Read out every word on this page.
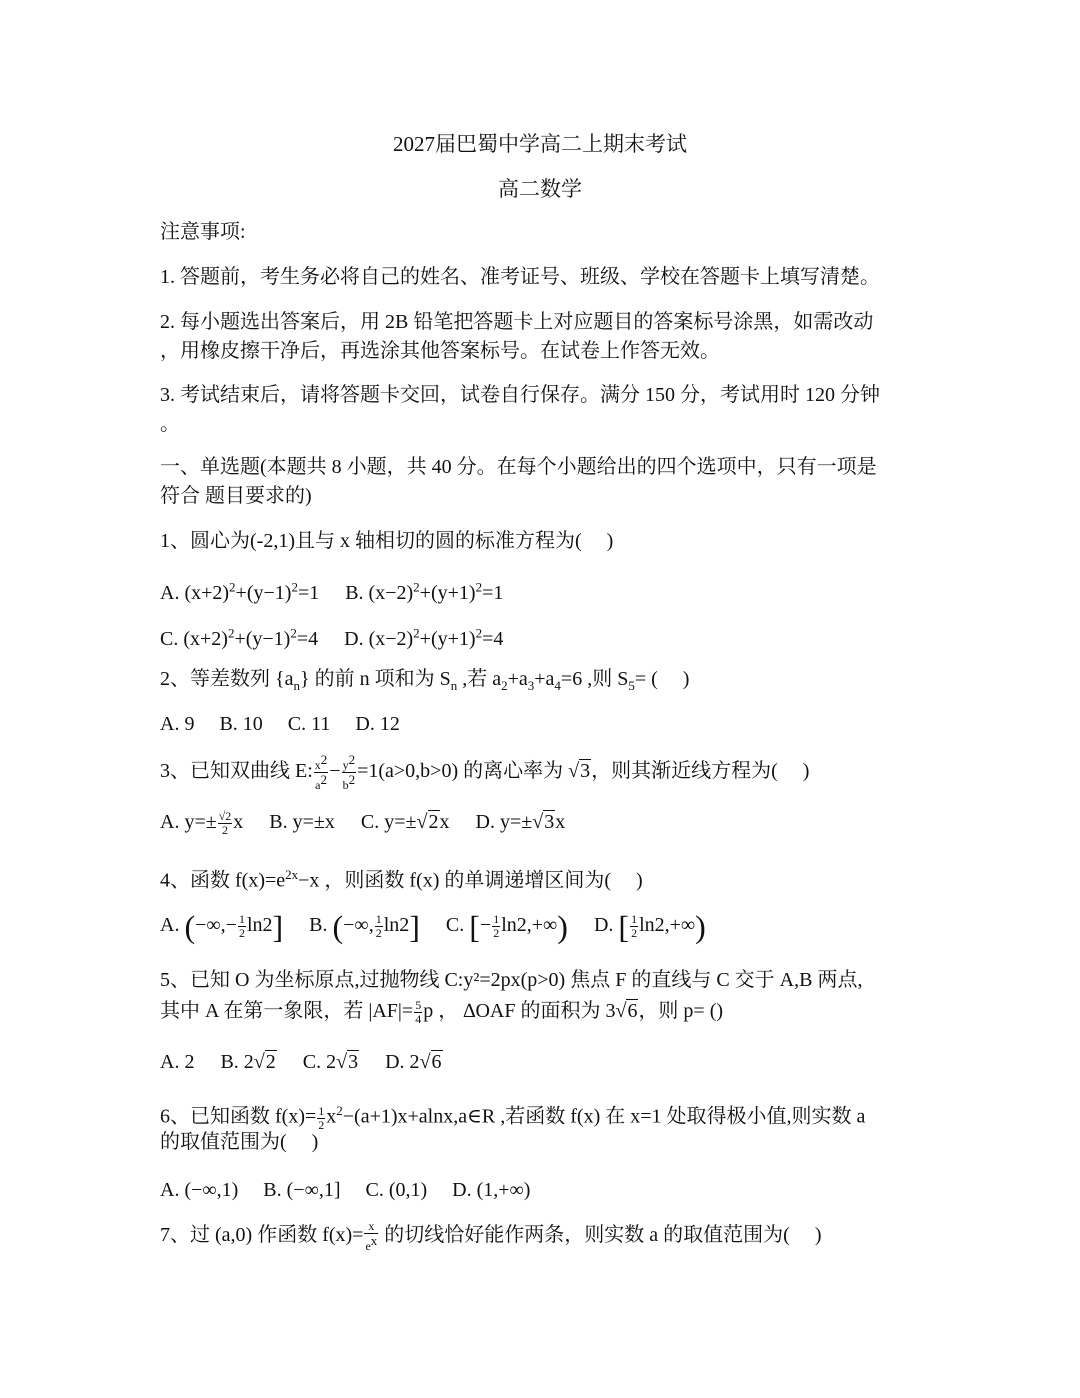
2027届巴蜀中学高二上期末考试
高二数学
注意事项:
1. 答题前，考生务必将自己的姓名、准考证号、班级、学校在答题卡上填写清楚。
2. 每小题选出答案后，用 2B 铅笔把答题卡上对应题目的答案标号涂黑，如需改动
，用橡皮擦干净后，再选涂其他答案标号。在试卷上作答无效。
3. 考试结束后，请将答题卡交回，试卷自行保存。满分 150 分，考试用时 120 分钟
。
一、单选题(本题共 8 小题，共 40 分。在每个小题给出的四个选项中，只有一项是
符合 题目要求的)
1、圆心为(-2,1)且与 x 轴相切的圆的标准方程为(　 )
A. $(x+2)^2+(y-1)^2=1$ B. $(x-2)^2+(y+1)^2=1$
C. $(x+2)^2+(y-1)^2=4$ D. $(x-2)^2+(y+1)^2=4$
2、等差数列 $\{a_n\}$ 的前 n 项和为 $S_n$ ,若 $a_2+a_3+a_4=6$ ,则 $S_5=$ (　 )
A. 9　 B. 10　 C. 11　 D. 12
3、已知双曲线 E: $\frac{x^2}{a^2} - \frac{y^2}{b^2} =1(a>0,b>0)$ 的离心率为 √3，则其渐近线方程为(　 )
A. $y=\pm \frac{√2}{2}$ x B. y=±x C. y=±√2x D. y=±√3x
4、函数 $f(x)=e^{2x}-x$ ，则函数 f(x) 的单调递增区间为(　 )
A. (−∞,− $\frac{1}{2} \ln 2$] B. (−∞, $\frac{1}{2} \ln 2$] C. [− $\frac{1}{2} \ln 2,+\infty$) D. [ $\frac{1}{2} \ln 2,+\infty$)
5、已知 O 为坐标原点,过抛物线 C:y²=2px(p>0) 焦点 F 的直线与 C 交于 A,B 两点,
其中 A 在第一象限，若 $|AF|= \frac{5}{4}$ p ， ∆OAF 的面积为 3√6，则 p= ()
A. 2 B. 2√2 C. 2√3 D. 2√6
6、已知函数 $f(x)= \frac{1}{2}$ $x^2-(a+1)x+alnx,a\in R$ ,若函数 f(x) 在 x=1 处取得极小值,则实数 a
的取值范围为(　 )
A. (−∞,1)　 B. (−∞,1]　 C. (0,1)　 D. (1,+∞)
7、过 (a,0) 作函数 $f(x)= \frac{x}{e^x}$ 的切线恰好能作两条，则实数 a 的取值范围为(　 )
